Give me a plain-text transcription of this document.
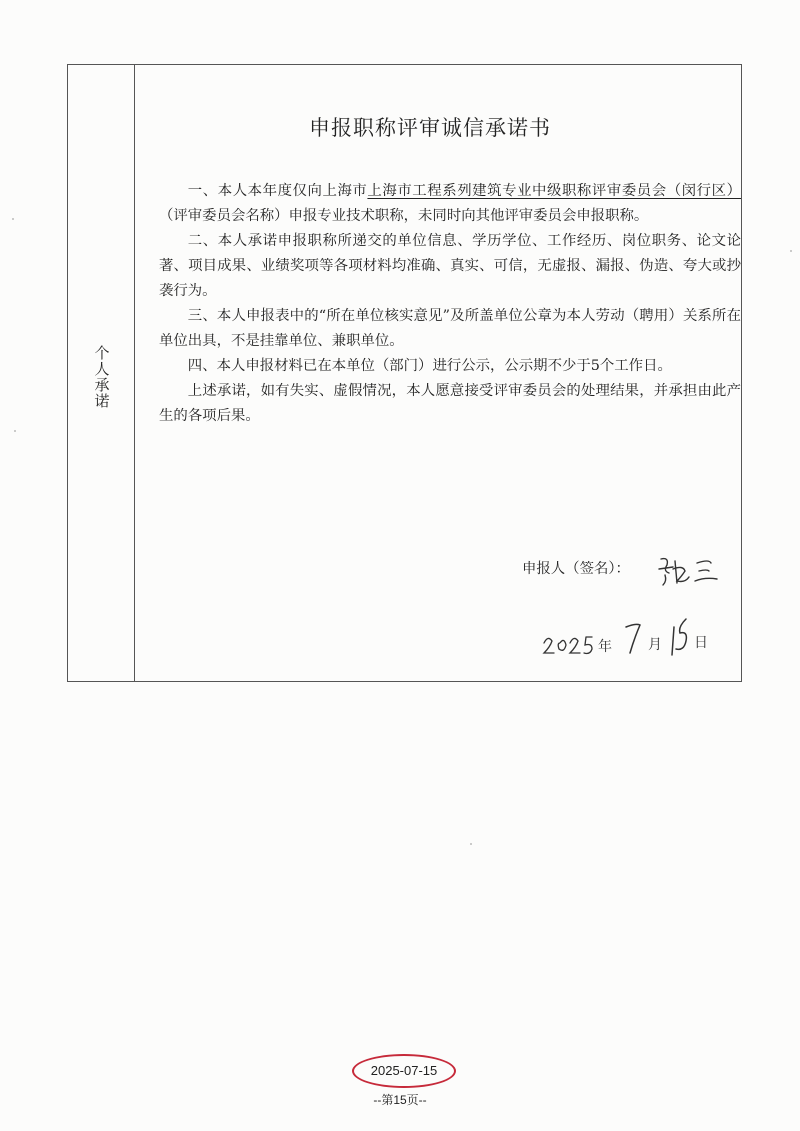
个人承诺
申报职称评审诚信承诺书

一、本人本年度仅向上海市上海市工程系列建筑专业中级职称评审委员会（闵行区）（评审委员会名称）申报专业技术职称，未同时向其他评审委员会申报职称。

二、本人承诺申报职称所递交的单位信息、学历学位、工作经历、岗位职务、论文论著、项目成果、业绩奖项等各项材料均准确、真实、可信，无虚报、漏报、伪造、夸大或抄袭行为。

三、本人申报表中的“所在单位核实意见”及所盖单位公章为本人劳动（聘用）关系所在单位出具，不是挂靠单位、兼职单位。

四、本人申报材料已在本单位（部门）进行公示，公示期不少于5个工作日。

上述承诺，如有失实、虚假情况，本人愿意接受评审委员会的处理结果，并承担由此产生的各项后果。

申报人（签名）：
年	月 日
2025-07-15
--第15页--
